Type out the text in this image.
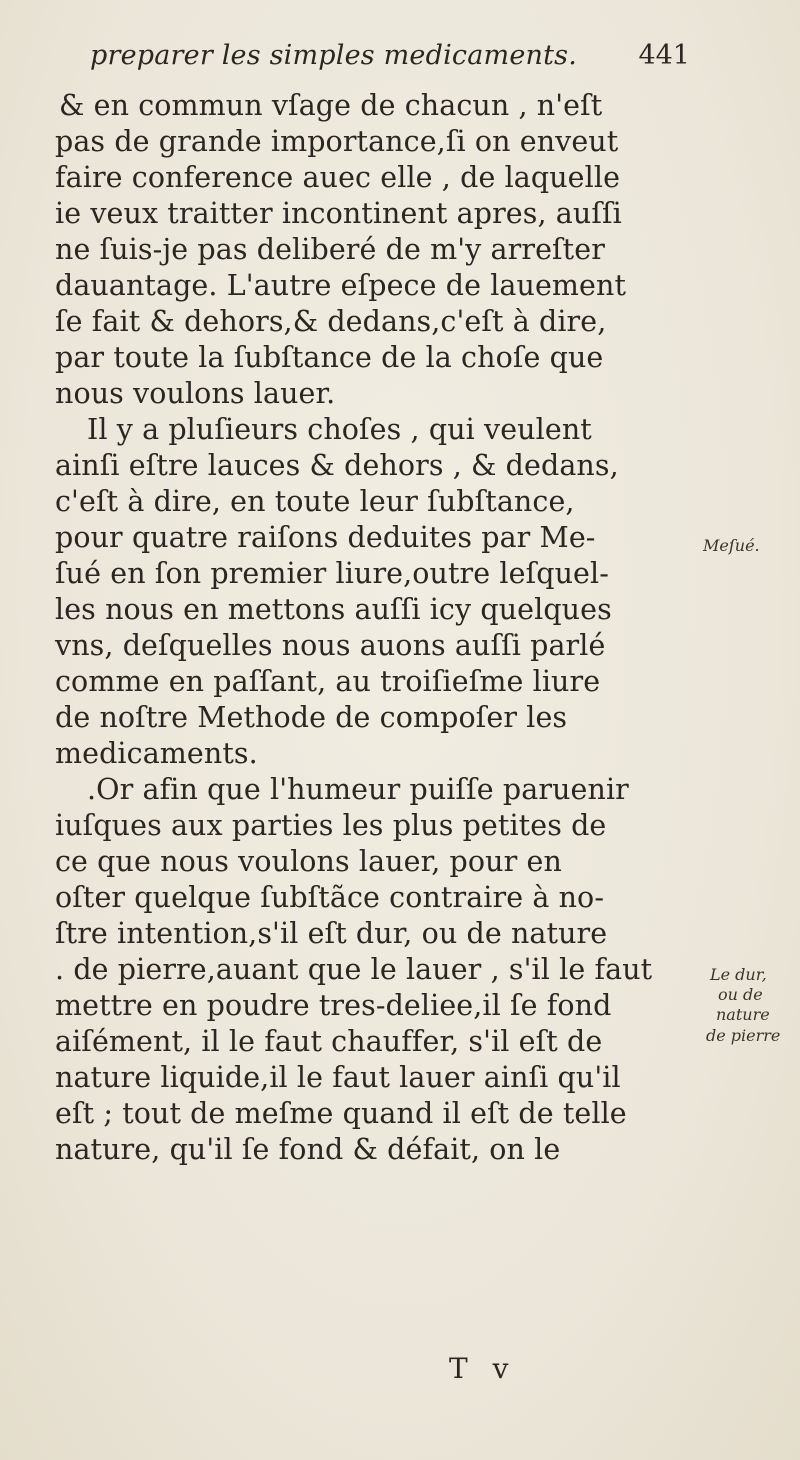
preparer les simples medicaments. 441
& en commun vſage de chacun , n'eſt
pas de grande importance,ſi on enveut
faire conference auec elle , de laquelle
ie veux traitter incontinent apres, auſſi
ne ſuis-je pas deliberé de m'y arreſter
dauantage. L'autre eſpece de lauement
ſe fait & dehors,& dedans,c'eſt à dire,
par toute la ſubſtance de la choſe que
nous voulons lauer.
Il y a pluſieurs choſes , qui veulent
ainſi eſtre lauces & dehors , & dedans,
c'eſt à dire, en toute leur ſubſtance,
pour quatre raiſons deduites par Me-
ſué en ſon premier liure,outre leſquel-
les nous en mettons auſſi icy quelques
vns, deſquelles nous auons auſſi parlé
comme en paſſant, au troiſieſme liure
de noſtre Methode de compoſer les
medicaments.
.Or afin que l'humeur puiſſe paruenir
iuſques aux parties les plus petites de
ce que nous voulons lauer, pour en
oſter quelque ſubſtãce contraire à no-
ſtre intention,s'il eſt dur, ou de nature
. de pierre,auant que le lauer , s'il le faut
mettre en poudre tres-deliee,il ſe fond
aiſément, il le faut chauffer, s'il eſt de
nature liquide,il le faut lauer ainſi qu'il
eſt ; tout de meſme quand il eſt de telle
nature, qu'il ſe fond & défait, on le
Meſué.
Le dur,
ou de
nature
de pierre
T v
